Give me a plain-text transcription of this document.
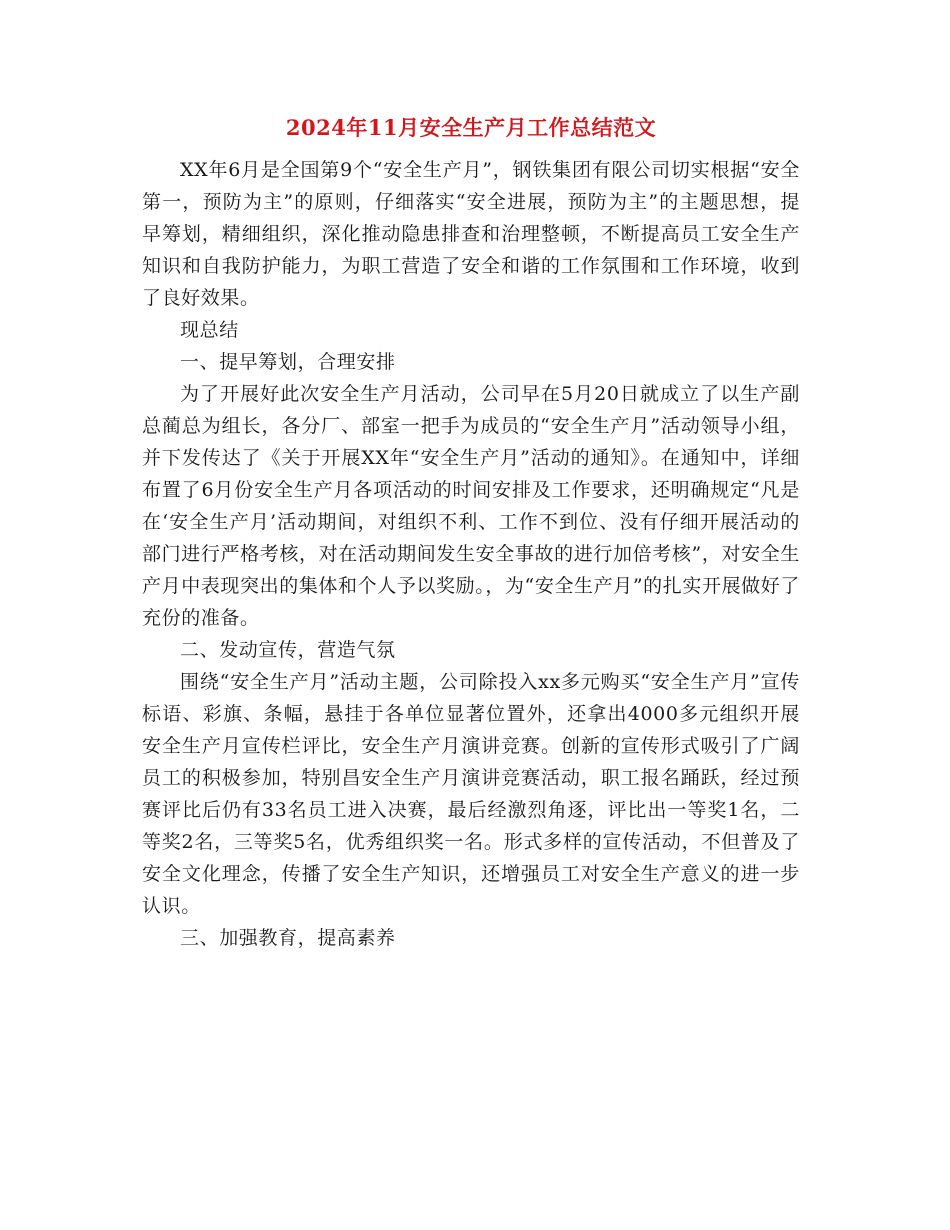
2024年11月安全生产月工作总结范文

XX年6月是全国第9个“安全生产月”，钢铁集团有限公司切实根据“安全第一，预防为主”的原则，仔细落实“安全进展，预防为主”的主题思想，提早筹划，精细组织，深化推动隐患排查和治理整顿，不断提高员工安全生产知识和自我防护能力，为职工营造了安全和谐的工作氛围和工作环境，收到了良好效果。

现总结

一、提早筹划，合理安排

为了开展好此次安全生产月活动，公司早在5月20日就成立了以生产副总蔺总为组长，各分厂、部室一把手为成员的“安全生产月”活动领导小组，并下发传达了《关于开展XX年“安全生产月”活动的通知》。在通知中，详细布置了6月份安全生产月各项活动的时间安排及工作要求，还明确规定“凡是在‘安全生产月’活动期间，对组织不利、工作不到位、没有仔细开展活动的部门进行严格考核，对在活动期间发生安全事故的进行加倍考核”，对安全生产月中表现突出的集体和个人予以奖励。，为“安全生产月”的扎实开展做好了充份的准备。

二、发动宣传，营造气氛

围绕“安全生产月”活动主题，公司除投入xx多元购买“安全生产月”宣传标语、彩旗、条幅，悬挂于各单位显著位置外，还拿出4000多元组织开展安全生产月宣传栏评比，安全生产月演讲竞赛。创新的宣传形式吸引了广阔员工的积极参加，特别昌安全生产月演讲竞赛活动，职工报名踊跃，经过预赛评比后仍有33名员工进入决赛，最后经激烈角逐，评比出一等奖1名，二等奖2名，三等奖5名，优秀组织奖一名。形式多样的宣传活动，不但普及了安全文化理念，传播了安全生产知识，还增强员工对安全生产意义的进一步认识。

三、加强教育，提高素养
